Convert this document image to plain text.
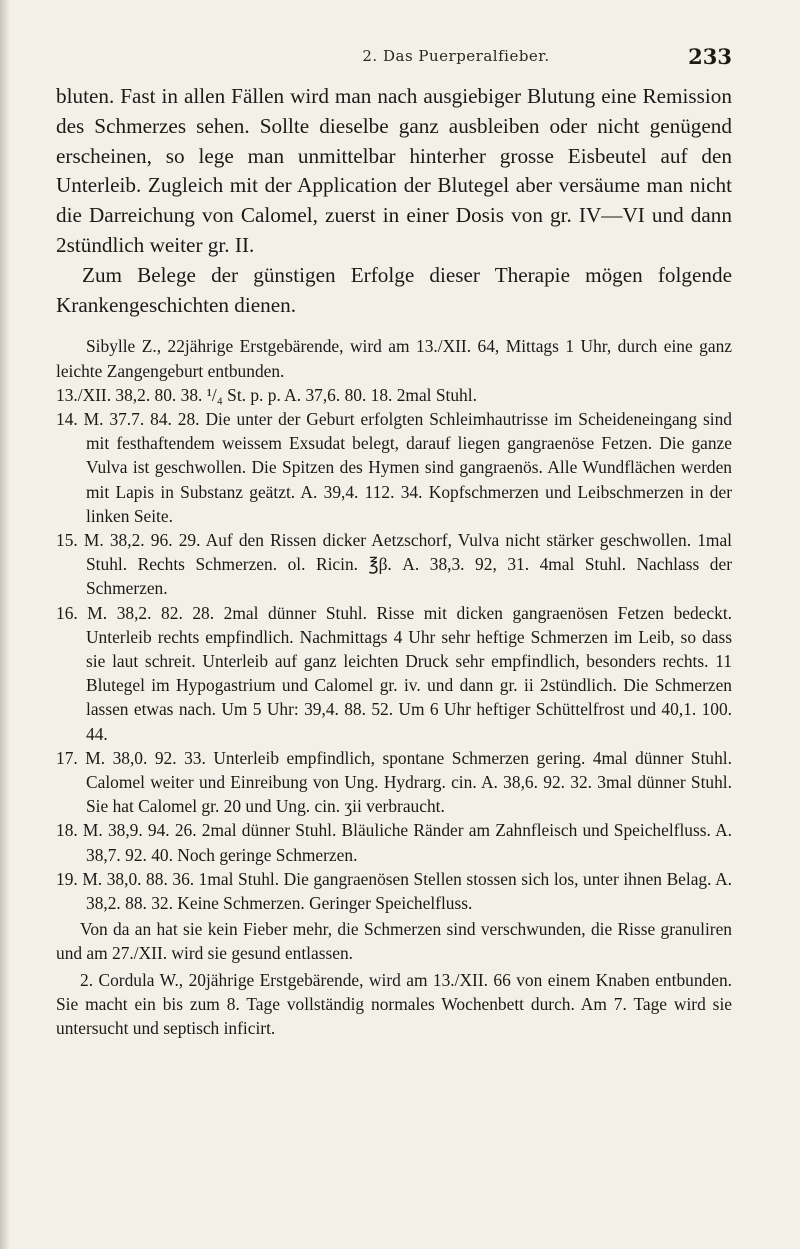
2. Das Puerperalfieber.	233

bluten. Fast in allen Fällen wird man nach ausgiebiger Blutung eine Remission des Schmerzes sehen. Sollte dieselbe ganz ausbleiben oder nicht genügend erscheinen, so lege man unmittelbar hinterher grosse Eisbeutel auf den Unterleib. Zugleich mit der Application der Blutegel aber versäume man nicht die Darreichung von Calomel, zuerst in einer Dosis von gr. IV—VI und dann 2stündlich weiter gr. II.

Zum Belege der günstigen Erfolge dieser Therapie mögen folgende Krankengeschichten dienen.

Sibylle Z., 22jährige Erstgebärende, wird am 13./XII. 64, Mittags 1 Uhr, durch eine ganz leichte Zangengeburt entbunden.

13./XII. 38,2. 80. 38. ¹/₄ St. p. p. A. 37,6. 80. 18. 2mal Stuhl.

14. M. 37.7. 84. 28. Die unter der Geburt erfolgten Schleimhautrisse im Scheideneingang sind mit festhaftendem weissem Exsudat belegt, darauf liegen gangraenöse Fetzen. Die ganze Vulva ist geschwollen. Die Spitzen des Hymen sind gangraenös. Alle Wundflächen werden mit Lapis in Substanz geätzt. A. 39,4. 112. 34. Kopfschmerzen und Leibschmerzen in der linken Seite.

15. M. 38,2. 96. 29. Auf den Rissen dicker Aetzschorf, Vulva nicht stärker geschwollen. 1mal Stuhl. Rechts Schmerzen. ol. Ricin. ℥β. A. 38,3. 92, 31. 4mal Stuhl. Nachlass der Schmerzen.

16. M. 38,2. 82. 28. 2mal dünner Stuhl. Risse mit dicken gangraenösen Fetzen bedeckt. Unterleib rechts empfindlich. Nachmittags 4 Uhr sehr heftige Schmerzen im Leib, so dass sie laut schreit. Unterleib auf ganz leichten Druck sehr empfindlich, besonders rechts. 11 Blutegel im Hypogastrium und Calomel gr. iv. und dann gr. ii 2stündlich. Die Schmerzen lassen etwas nach. Um 5 Uhr: 39,4. 88. 52. Um 6 Uhr heftiger Schüttelfrost und 40,1. 100. 44.

17. M. 38,0. 92. 33. Unterleib empfindlich, spontane Schmerzen gering. 4mal dünner Stuhl. Calomel weiter und Einreibung von Ung. Hydrarg. cin. A. 38,6. 92. 32. 3mal dünner Stuhl. Sie hat Calomel gr. 20 und Ung. cin. ʒii verbraucht.

18. M. 38,9. 94. 26. 2mal dünner Stuhl. Bläuliche Ränder am Zahnfleisch und Speichelfluss. A. 38,7. 92. 40. Noch geringe Schmerzen.

19. M. 38,0. 88. 36. 1mal Stuhl. Die gangraenösen Stellen stossen sich los, unter ihnen Belag. A. 38,2. 88. 32. Keine Schmerzen. Geringer Speichelfluss.

Von da an hat sie kein Fieber mehr, die Schmerzen sind verschwunden, die Risse granuliren und am 27./XII. wird sie gesund entlassen.

2. Cordula W., 20jährige Erstgebärende, wird am 13./XII. 66 von einem Knaben entbunden. Sie macht ein bis zum 8. Tage vollständig normales Wochenbett durch. Am 7. Tage wird sie untersucht und septisch inficirt.
